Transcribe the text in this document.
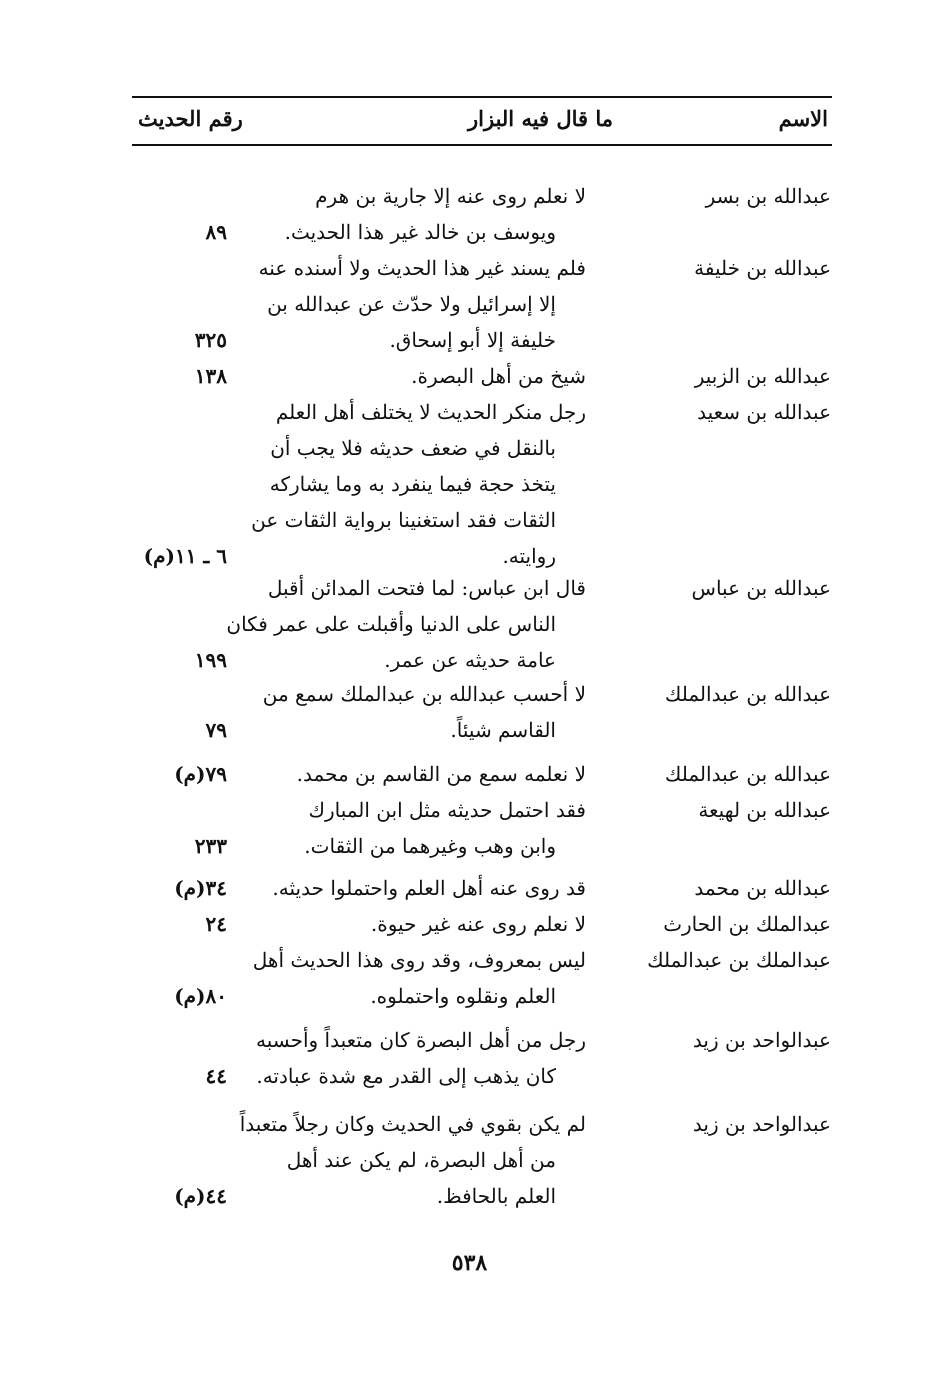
الاسم
ما قال فيه البزار
رقم الحديث
عبدالله بن بسر
لا نعلم روى عنه إلا جارية بن هرم
ويوسف بن خالد غير هذا الحديث.
٨٩
عبدالله بن خليفة
فلم يسند غير هذا الحديث ولا أسنده عنه
إلا إسرائيل ولا حدّث عن عبدالله بن
خليفة إلا أبو إسحاق.
٣٢٥
عبدالله بن الزبير
شيخ من أهل البصرة.
١٣٨
عبدالله بن سعيد
رجل منكر الحديث لا يختلف أهل العلم
بالنقل في ضعف حديثه فلا يجب أن
يتخذ حجة فيما ينفرد به وما يشاركه
الثقات فقد استغنينا برواية الثقات عن
روايته.
٦ ـ ١١(م)
عبدالله بن عباس
قال ابن عباس: لما فتحت المدائن أقبل
الناس على الدنيا وأقبلت على عمر فكان
عامة حديثه عن عمر.
١٩٩
عبدالله بن عبدالملك
لا أحسب عبدالله بن عبدالملك سمع من
القاسم شيئاً.
٧٩
عبدالله بن عبدالملك
لا نعلمه سمع من القاسم بن محمد.
٧٩(م)
عبدالله بن لهيعة
فقد احتمل حديثه مثل ابن المبارك
وابن وهب وغيرهما من الثقات.
٢٣٣
عبدالله بن محمد
قد روى عنه أهل العلم واحتملوا حديثه.
٣٤(م)
عبدالملك بن الحارث
لا نعلم روى عنه غير حيوة.
٢٤
عبدالملك بن عبدالملك
ليس بمعروف، وقد روى هذا الحديث أهل
العلم ونقلوه واحتملوه.
٨٠(م)
عبدالواحد بن زيد
رجل من أهل البصرة كان متعبداً وأحسبه
كان يذهب إلى القدر مع شدة عبادته.
٤٤
عبدالواحد بن زيد
لم يكن بقوي في الحديث وكان رجلاً متعبداً
من أهل البصرة، لم يكن عند أهل
العلم بالحافظ.
٤٤(م)
٥٣٨
